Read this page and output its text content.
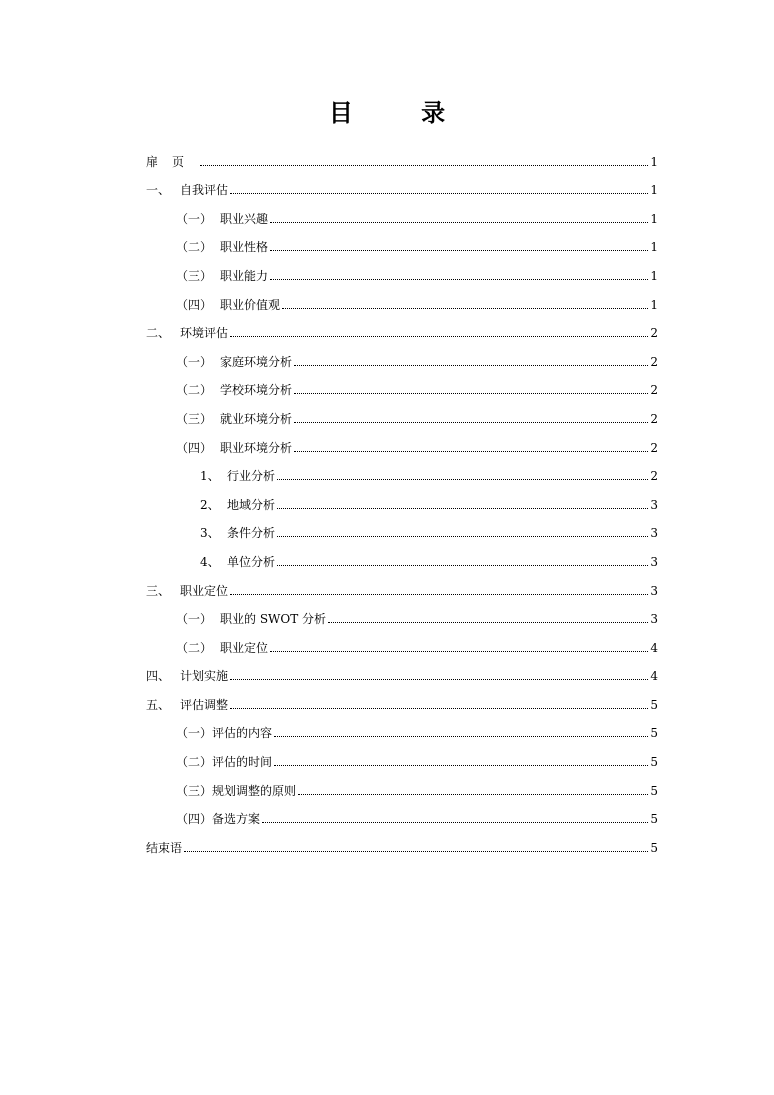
目 录
扉页	1
一、 自我评估	1
（一） 职业兴趣	1
（二） 职业性格	1
（三） 职业能力	1
（四） 职业价值观	1
二、 环境评估	2
（一） 家庭环境分析	2
（二） 学校环境分析	2
（三） 就业环境分析	2
（四） 职业环境分析	2
1、 行业分析	2
2、 地域分析	3
3、 条件分析	3
4、 单位分析	3
三、 职业定位	3
（一） 职业的 SWOT 分析	3
（二） 职业定位	4
四、 计划实施	4
五、 评估调整	5
（一） 评估的内容	5
（二） 评估的时间	5
（三） 规划调整的原则	5
（四） 备选方案	5
结束语	5
